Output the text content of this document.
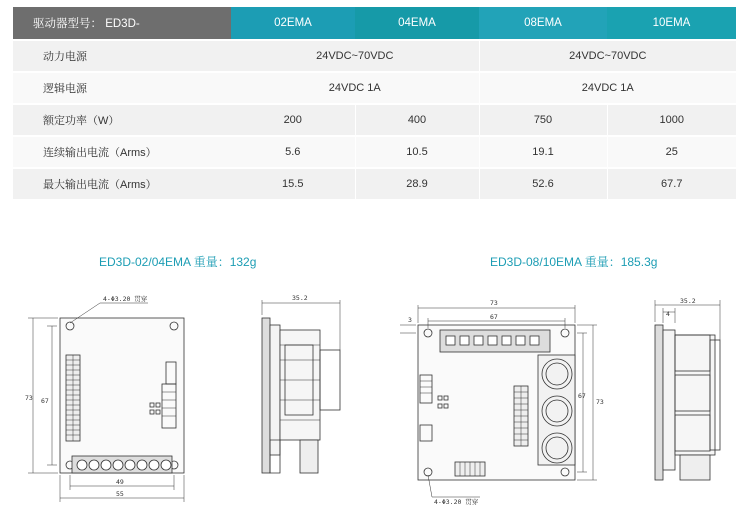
驱动器型号： ED3D-	02EMA	04EMA	08EMA	10EMA
动力电源	24VDC~70VDC		24VDC~70VDC	
逻辑电源	24VDC 1A		24VDC 1A	
额定功率（W）	200	400	750	1000
连续输出电流（Arms）	5.6	10.5	19.1	25
最大输出电流（Arms）	15.5	28.9	52.6	67.7
ED3D-02/04EMA 重量：132g	ED3D-08/10EMA 重量：185.3g
73 67
49
55
4-Φ3.20 贯穿	35.2
73
67
73
67
3
4-Φ3.20 贯穿
35.2
4
